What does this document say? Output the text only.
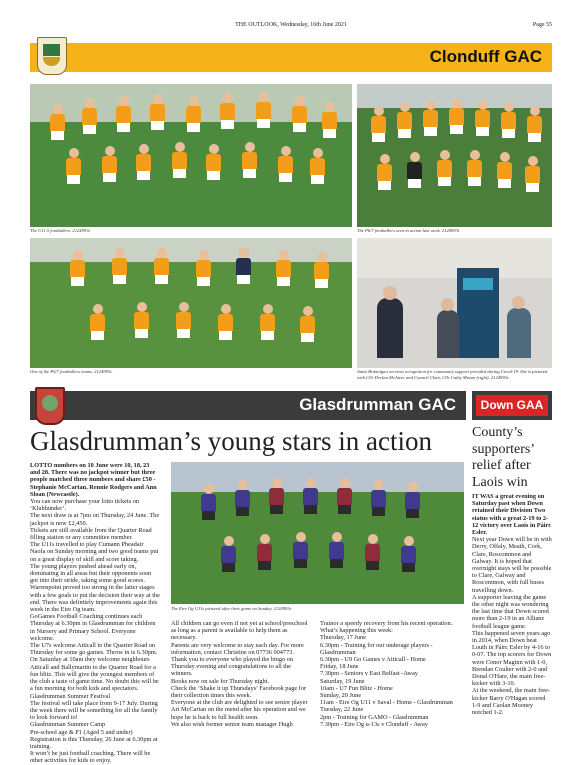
THE OUTLOOK, Wednesday, 16th June 2021	Page 55
Clonduff GAC
The U11.5 footballers. 2124993c	The P6/7 footballers seen in action last week. 2124993i
One of the P6/7 footballers teams. 2124993c	Anita Brannigan receives recognition for community support provided during Covid-19. She is pictured with Cllr Declan McAteer and Council Chair, Cllr Cathy Mason (right). 2124993c
Glasdrumman GAC	Down GAA
Glasdrumman’s young stars in action

LOTTO numbers on 10 June were 10, 18, 23 and 28. There was no jackpot winner but three people matched three numbers and share £50 - Stephanie McCartan, Rennie Rodgers and Ann Sloan (Newcastle).

You can now purchase your lotto tickets on ‘Klubhunder’.

The next draw is at 7pm on Thursday, 24 June. The jackpot is now £2,450.

Tickets are still available from the Quarter Road filling station or any committee member.

The U11s travelled to play Cumann Pheadair Naofa on Sunday morning and two good teams put on a great display of skill and score taking.

The young players pushed ahead early on, dominating in all areas but their opponents soon got into their stride, taking some good scores.

Warrenpoint proved too strong in the latter stages with a few goals to put the decision their way at the end. There was definitely improvements again this week in the Eire Og team.

GoGames Football Coaching continues each Thursday at 6.30pm in Glasdrumman for children in Nursery and Primary School. Everyone welcome.

The U7s welcome Atticall to the Quarter Road on Thursday for some go games. Throw in is 6.30pm.

On Saturday at 10am they welcome neighbours Atticall and Ballymartin to the Quarter Road for a fun blitz. This will give the youngest members of the club a taste of game time. No doubt this will be a fun morning for both kids and spectators.

Glasdrumman Summer Festival

The festival will take place from 9-17 July. During the week there will be something for all the family to look forward to!

Glasdrumman Summer Camp

Pre-school age & P1 (Aged 5 and under)

Registration is this Thursday, 26 June at 6.30pm at training.

It won’t be just football coaching. There will be other activities for kids to enjoy.

The Eire Og U11s pictured after their game on Sunday. 2124993c

All children can go even if not yet at school/preschool as long as a parent is available to help them as necessary.

Parents are very welcome to stay each day. For more information, contact Christine on 07736 004773.

Thank you to everyone who played the bingo on Thursday evening and congratulations to all the winners.

Books now on sale for Thursday night.

Check the ‘Shake it up Thursdays’ Facebook page for their collection times this week.

Everyone at the club are delighted to see senior player Art McCartan on the mend after his operation and we hope he is back to full health soon.

We also wish former senior team manager Hugh

Trainor a speedy recovery from his recent operation.

What’s happening this week:

Thursday, 17 June

6.30pm - Training for our underage players - Glasdrumman

6.30pm - U9 Go Games v Atticall - Home

Friday, 18 June

7.30pm - Seniors v East Belfast -Away

Saturday, 19 June

10am - U7 Fun Blitz - Home

Sunday, 20 June

11am - Eire Og U11 v Saval - Home - Glasdrumman

Tuesday, 22 June

2pm - Training for GAMO - Glasdrumman

7.30pm - Eire Og u-13s v Clonduff - Away

County’s supporters’ relief after Laois win

IT WAS a great evening on Saturday past when Down retained their Division Two status with a great 2-19 to 2-12 victory over Laois in Páirc Esler.

Next year Down will be in with Derry, Offaly, Meath, Cork, Clare, Roscommon and Galway. It is hoped that overnight stays will be possible to Clare, Galway and Roscommon, with full buses travelling down.

A supporter leaving the game the other night was wondering the last time that Down scored more than 2-19 in an Allianz football league game.

This happened seven years ago in 2014, when Down beat Louth in Páirc Esler by 4-16 to 0-07. The top scorers for Down were Conor Maginn with 1-0, Brendan Coulter with 2-0 and Donal O'Hare, the main free-kicker with 3-10.

At the weekend, the main free-kicker Barry O'Hagan scored 1-9 and Caolan Mooney notched 1-2.
